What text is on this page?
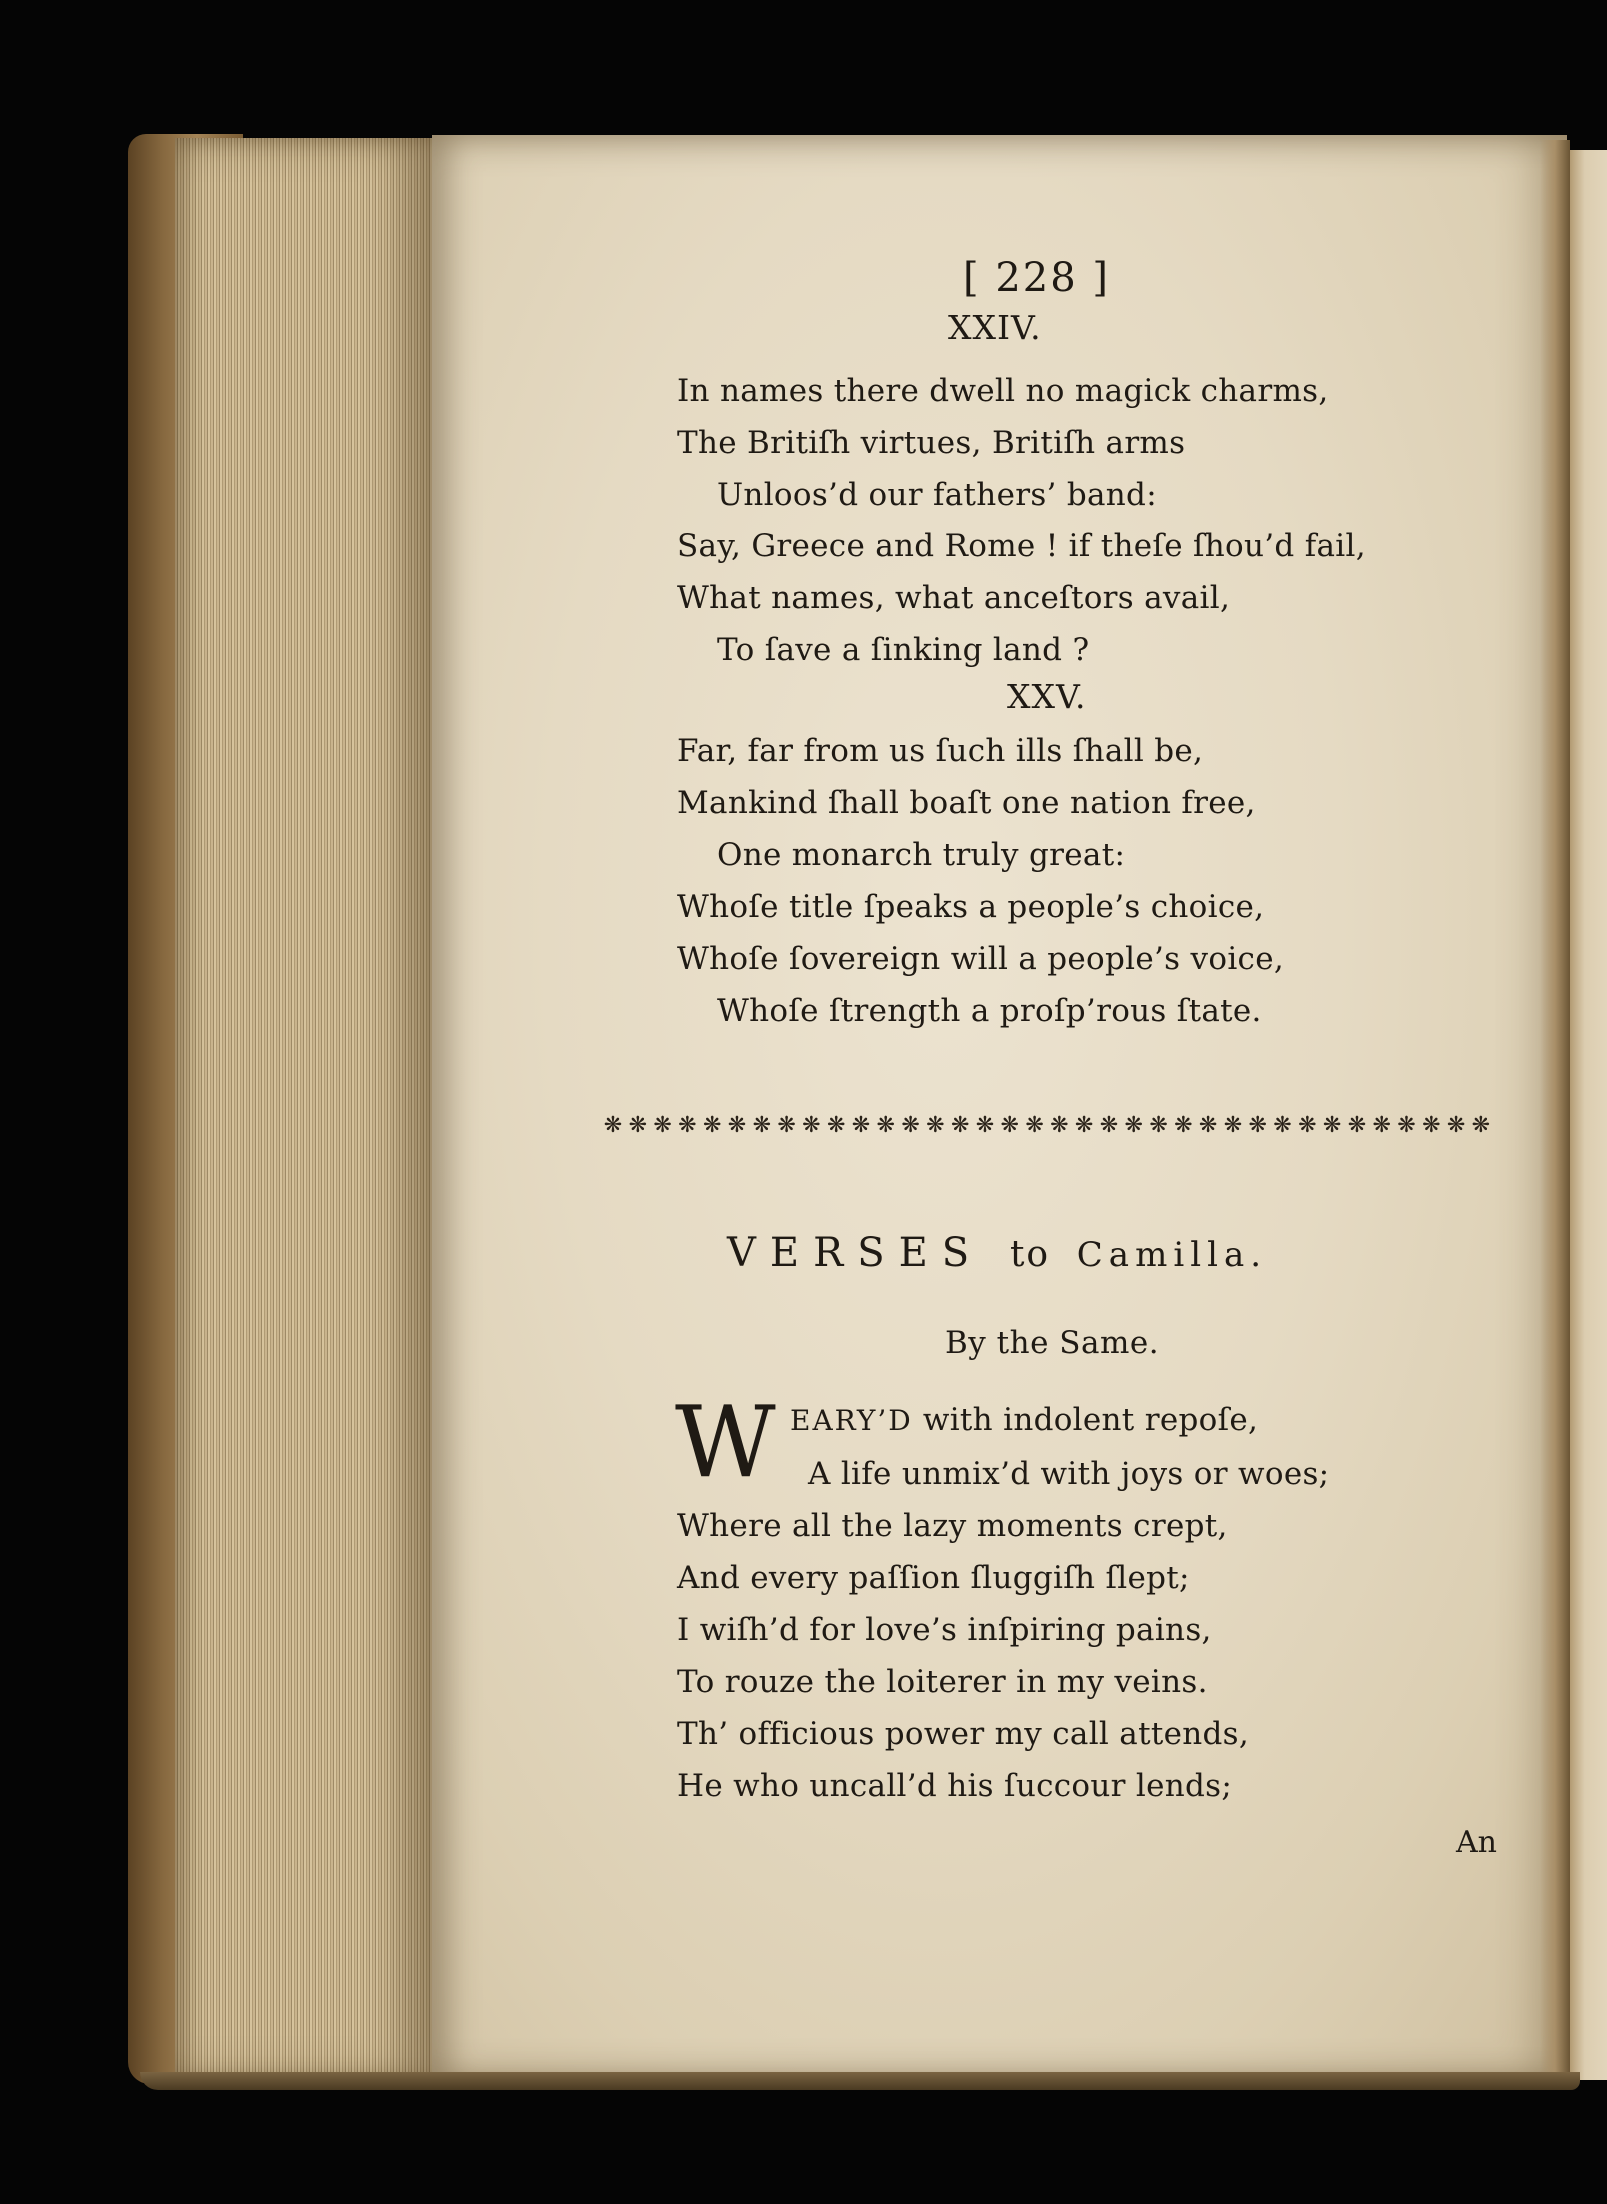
[ 228 ]

XXIV.

In names there dwell no magick charms,

The Britiſh virtues, Britiſh arms

Unloos’d our fathers’ band:

Say, Greece and Rome ! if theſe ſhou’d fail,

What names, what anceſtors avail,

To ſave a ſinking land ?

XXV.

Far, far from us ſuch ills ſhall be,

Mankind ſhall boaſt one nation free,

One monarch truly great:

Whoſe title ſpeaks a people’s choice,

Whoſe ſovereign will a people’s voice,

Whoſe ſtrength a proſp’rous ſtate.

❋ ❋ ❋ ❋ ❋ ❋ ❋ ❋ ❋ ❋ ❋ ❋ ❋ ❋ ❋ ❋ ❋ ❋ ❋ ❋ ❋ ❋ ❋ ❋ ❋ ❋ ❋ ❋ ❋ ❋ ❋ ❋ ❋ ❋ ❋ ❋

VERSES to Camilla.

By the Same.

W EARY’D with indolent repoſe,

A life unmix’d with joys or woes;

Where all the lazy moments crept,

And every paſſion ſluggiſh ſlept;

I wiſh’d for love’s inſpiring pains,

To rouze the loiterer in my veins.

Th’ officious power my call attends,

He who uncall’d his ſuccour lends;

An
